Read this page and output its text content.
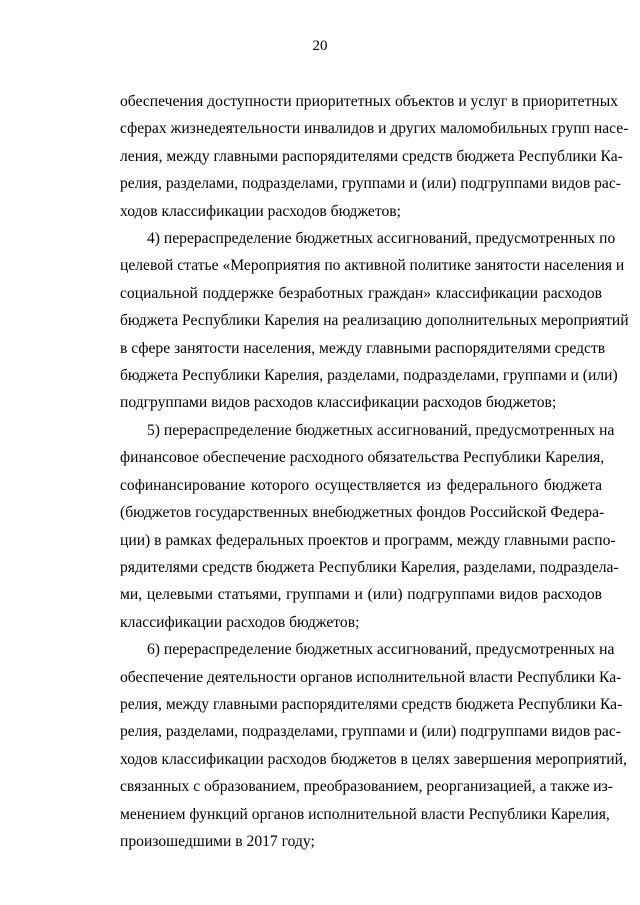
20

обеспечения доступности приоритетных объектов и услуг в приоритетных
сферах жизнедеятельности инвалидов и других маломобильных групп насе-
ления, между главными распорядителями средств бюджета Республики Ка-
релия, разделами, подразделами, группами и (или) подгруппами видов рас-
ходов классификации расходов бюджетов;

4) перераспределение бюджетных ассигнований, предусмотренных по
целевой статье «Мероприятия по активной политике занятости населения и
социальной поддержке безработных граждан» классификации расходов
бюджета Республики Карелия на реализацию дополнительных мероприятий
в сфере занятости населения, между главными распорядителями средств
бюджета Республики Карелия, разделами, подразделами, группами и (или)
подгруппами видов расходов классификации расходов бюджетов;

5) перераспределение бюджетных ассигнований, предусмотренных на
финансовое обеспечение расходного обязательства Республики Карелия,
софинансирование которого осуществляется из федерального бюджета
(бюджетов государственных внебюджетных фондов Российской Федера-
ции) в рамках федеральных проектов и программ, между главными распо-
рядителями средств бюджета Республики Карелия, разделами, подраздела-
ми, целевыми статьями, группами и (или) подгруппами видов расходов
классификации расходов бюджетов;

6) перераспределение бюджетных ассигнований, предусмотренных на
обеспечение деятельности органов исполнительной власти Республики Ка-
релия, между главными распорядителями средств бюджета Республики Ка-
релия, разделами, подразделами, группами и (или) подгруппами видов рас-
ходов классификации расходов бюджетов в целях завершения мероприятий,
связанных с образованием, преобразованием, реорганизацией, а также из-
менением функций органов исполнительной власти Республики Карелия,
произошедшими в 2017 году;
